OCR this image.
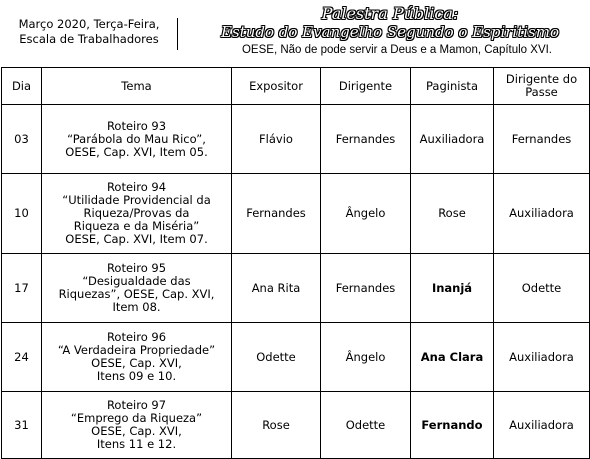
Março 2020, Terça-Feira,
Escala de Trabalhadores
Palestra Pública:
Estudo do Evangelho Segundo o Espiritismo
OESE, Não de pode servir a Deus e a Mamon, Capítulo XVI.
Dia	Tema	Expositor	Dirigente	Paginista	Dirigente do Passe
03	Roteiro 93
“Parábola do Mau Rico”,
OESE, Cap. XVI, Item 05.	Flávio	Fernandes	Auxiliadora	Fernandes
10	Roteiro 94
“Utilidade Providencial da
Riqueza/Provas da
Riqueza e da Miséria”
OESE, Cap. XVI, Item 07.	Fernandes	Ângelo	Rose	Auxiliadora
17	Roteiro 95
“Desigualdade das
Riquezas”, OESE, Cap. XVI,
Item 08.	Ana Rita	Fernandes	Inanjá	Odette
24	Roteiro 96
“A Verdadeira Propriedade”
OESE, Cap. XVI,
Itens 09 e 10.	Odette	Ângelo	Ana Clara	Auxiliadora
31	Roteiro 97
“Emprego da Riqueza”
OESE, Cap. XVI,
Itens 11 e 12.	Rose	Odette	Fernando	Auxiliadora
